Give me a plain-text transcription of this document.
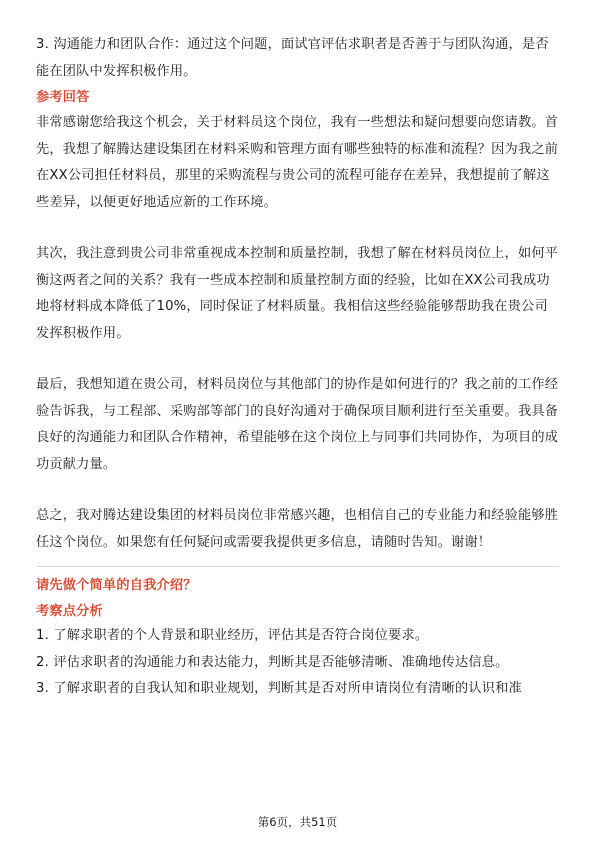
3. 沟通能力和团队合作：通过这个问题，面试官评估求职者是否善于与团队沟通，是否能在团队中发挥积极作用。

参考回答

非常感谢您给我这个机会，关于材料员这个岗位，我有一些想法和疑问想要向您请教。首先，我想了解腾达建设集团在材料采购和管理方面有哪些独特的标准和流程？因为我之前在XX公司担任材料员，那里的采购流程与贵公司的流程可能存在差异，我想提前了解这些差异，以便更好地适应新的工作环境。

其次，我注意到贵公司非常重视成本控制和质量控制，我想了解在材料员岗位上，如何平衡这两者之间的关系？我有一些成本控制和质量控制方面的经验，比如在XX公司我成功地将材料成本降低了10%，同时保证了材料质量。我相信这些经验能够帮助我在贵公司发挥积极作用。

最后，我想知道在贵公司，材料员岗位与其他部门的协作是如何进行的？我之前的工作经验告诉我，与工程部、采购部等部门的良好沟通对于确保项目顺利进行至关重要。我具备良好的沟通能力和团队合作精神，希望能够在这个岗位上与同事们共同协作，为项目的成功贡献力量。

总之，我对腾达建设集团的材料员岗位非常感兴趣，也相信自己的专业能力和经验能够胜任这个岗位。如果您有任何疑问或需要我提供更多信息，请随时告知。谢谢！

请先做个简单的自我介绍？
考察点分析

1. 了解求职者的个人背景和职业经历，评估其是否符合岗位要求。

2. 评估求职者的沟通能力和表达能力，判断其是否能够清晰、准确地传达信息。

3. 了解求职者的自我认知和职业规划，判断其是否对所申请岗位有清晰的认识和准

第6页，共51页
